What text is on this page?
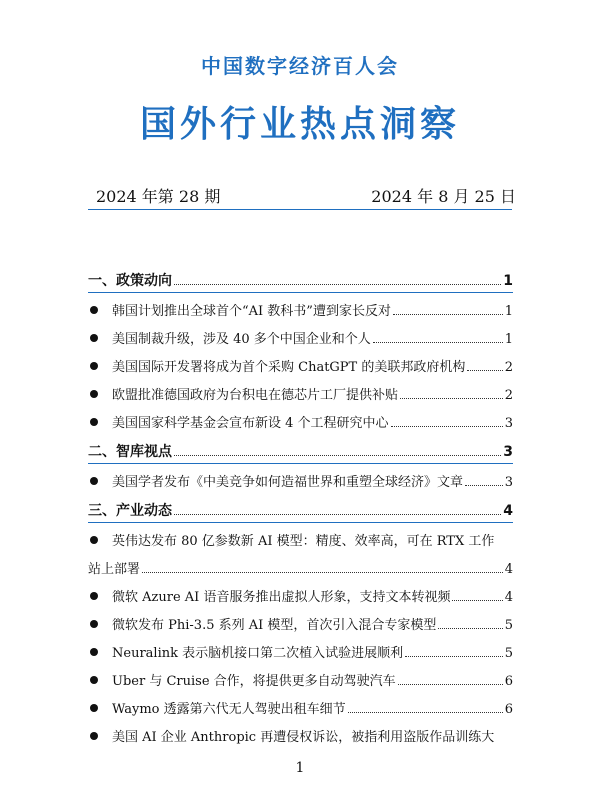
中国数字经济百人会
国外行业热点洞察
2024 年第 28 期	2024 年 8 月 25 日
一、政策动向	1
韩国计划推出全球首个“AI 教科书”遭到家长反对	1
美国制裁升级，涉及 40 多个中国企业和个人	1
美国国际开发署将成为首个采购 ChatGPT 的美联邦政府机构	2
欧盟批准德国政府为台积电在德芯片工厂提供补贴	2
美国国家科学基金会宣布新设 4 个工程研究中心	3
二、智库视点	3
美国学者发布《中美竞争如何造福世界和重塑全球经济》文章	3
三、产业动态	4
英伟达发布 80 亿参数新 AI 模型：精度、效率高，可在 RTX 工作
站上部署	4
微软 Azure AI 语音服务推出虚拟人形象，支持文本转视频	4
微软发布 Phi-3.5 系列 AI 模型，首次引入混合专家模型	5
Neuralink 表示脑机接口第二次植入试验进展顺利	5
Uber 与 Cruise 合作，将提供更多自动驾驶汽车	6
Waymo 透露第六代无人驾驶出租车细节	6
美国 AI 企业 Anthropic 再遭侵权诉讼，被指利用盗版作品训练大
1
